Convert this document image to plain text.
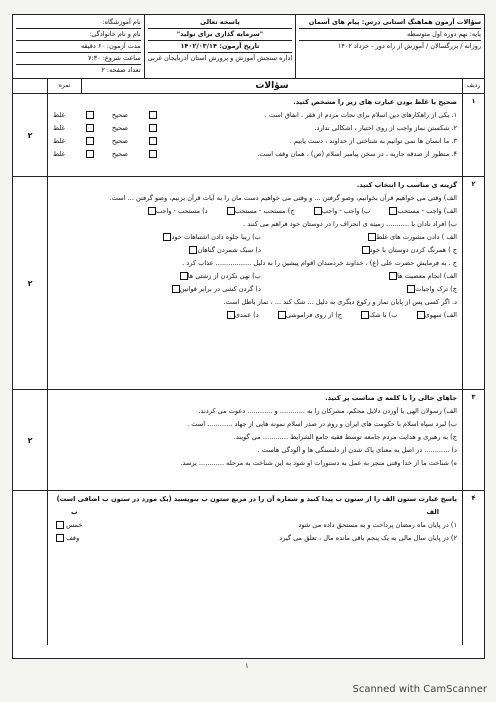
سؤالات آزمون هماهنگ استانی درس: پیام های آسمان
پایه: نهم دوره اول متوسطه
روزانه / بزرگسالان / آموزش از راه دور - خرداد ۱۴۰۲
پاسخه تعالی
"سرمایه گذاری برای تولید"
تاریخ آزمون: ۱۴۰۲/۰۳/۱۴
اداره سنجش آموزش و پرورش استان آذربایجان غربی
نام آموزشگاه:
نام و نام خانوادگی:
مدت آزمون: ۶۰ دقیقه
ساعت شروع: ۷:۳۰
تعداد صفحه: ۲
ردیف
سؤالات
نمره
۱
صحیح یا غلط بودن عبارت های زیر را مشخص کنید.
۱. یکی از راهکارهای دین اسلام برای نجات مردم از فقر ، انفاق است .
صحیحغلط
۲. شکستن نماز واجب از روی اختیار ، اشکالی ندارد.
صحیحغلط
۳. ما انسان ها نمی توانیم به شناختی از خداوند ، دست یابیم .
صحیحغلط
۴. منظور از صدقه جاریه ، در سخن پیامبر اسلام (ص) ، همان وقف است.
صحیحغلط
۲
۲
گزینه ی مناسب را انتخاب کنید.
الف) وقتی می خواهیم قرآن بخوانیم، وضو گرفتن ... و وقتی می خواهیم دست مان را به آیات قرآن بزنیم، وضو گرفتن ... است.
الف) واجب - مستحب ب) واجب - واجب ج) مستحب - مستحب د) مستحب - واجب
ب) افراد نادان با ........... زمینه ی انحراف را در دوستان خود فراهم می کنند .
الف ) دادن مشورت های غلط ب) زیبا جلوه دادن اشتباهات خود
ج ) همرنگ کردن دوستان با خود د) سبک شمردن گناهان
ج . به فرمایش حضرت علی (ع) ، خداوند خردمندان اقوام پیشین را به دلیل ................. عذاب کرد .
الف) انجام معصیت ها ب) نهی نکردن از زشتی ها
ج) ترک واجبات د) گردن کشی در برابر قوانین
د. اگر کسی پس از پایان نماز و رکوع دیگری به دلیل ... شک کند ... ، نماز باطل است.
الف) سهوی ب) با شک ج) از روی فراموشی د) عمدی
۲
۳
جاهای خالی را با کلمه ی مناسب پر کنید.
الف) رسولان الهی با آوردن دلایل محکم، مشرکان را به ............ و ............ دعوت می کردند.
ب) لبرد سپاه اسلام با حکومت های ایران و روم در صدر اسلام نمونه هایی از جهاد ............ است .
ج) به رهبری و هدایت مردم جامعه توسط فقیه جامع الشرایط ............ می گویند.
د) ............ در اصل به معنای پاک شدن از دلبستگی ها و آلودگی هاست .
ه) شناخت ما از خدا وقتی منجر به عمل به دستورات او شود به این شناخت به مرحله ............ برسد.
۲
۴
پاسخ عبارت ستون الف را از ستون ب پیدا کنید و شماره آن را در مربع ستون ب بنویسید (یک مورد در ستون ب اضافی است)
الف
ب
۱) در پایان ماه رمضان پرداخت و به مستحق داده می شود
خمس
۲) در پایان سال مالی به یک پنجم باقی مانده مال ، تعلق می گیرد
وقف
۱
Scanned with CamScanner
